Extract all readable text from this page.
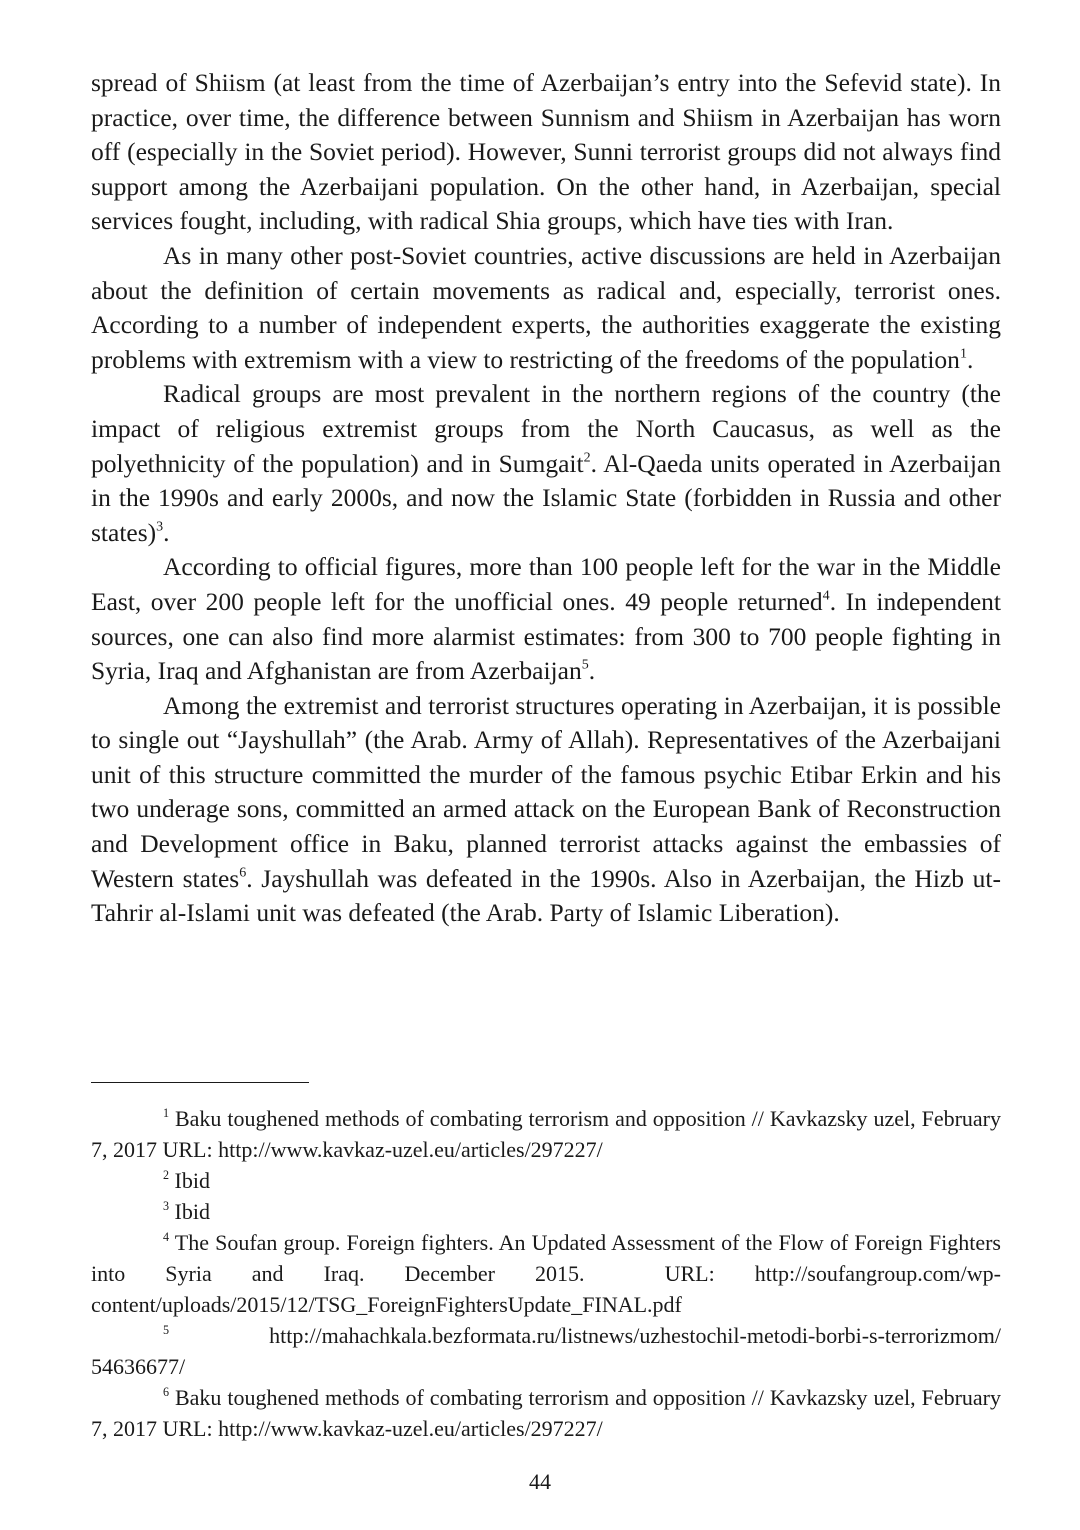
spread of Shiism (at least from the time of Azerbaijan’s entry into the Sefevid state). In practice, over time, the difference between Sunnism and Shiism in Azerbaijan has worn off (especially in the Soviet period). However, Sunni terrorist groups did not always find support among the Azerbaijani population. On the other hand, in Azerbaijan, special services fought, including, with radical Shia groups, which have ties with Iran.

As in many other post-Soviet countries, active discussions are held in Azerbaijan about the definition of certain movements as radical and, especially, terrorist ones. According to a number of independent experts, the authorities exaggerate the existing problems with extremism with a view to restricting of the freedoms of the population$^1$.

Radical groups are most prevalent in the northern regions of the country (the impact of religious extremist groups from the North Caucasus, as well as the polyethnicity of the population) and in Sumgait$^2$. Al-Qaeda units operated in Azerbaijan in the 1990s and early 2000s, and now the Islamic State (forbidden in Russia and other states)$^3$.

According to official figures, more than 100 people left for the war in the Middle East, over 200 people left for the unofficial ones. 49 people returned$^4$. In independent sources, one can also find more alarmist estimates: from 300 to 700 people fighting in Syria, Iraq and Afghanistan are from Azerbaijan$^5$.

Among the extremist and terrorist structures operating in Azerbaijan, it is possible to single out “Jayshullah” (the Arab. Army of Allah). Representatives of the Azerbaijani unit of this structure committed the murder of the famous psychic Etibar Erkin and his two underage sons, committed an armed attack on the European Bank of Reconstruction and Development office in Baku, planned terrorist attacks against the embassies of Western states$^6$. Jayshullah was defeated in the 1990s. Also in Azerbaijan, the Hizb ut-Tahrir al-Islami unit was defeated (the Arab. Party of Islamic Liberation).

$^1$ Baku toughened methods of combating terrorism and opposition // Kavkazsky uzel, February 7, 2017 URL: http://www.kavkaz-uzel.eu/articles/297227/

$^2$ Ibid

$^3$ Ibid

$^4$ The Soufan group. Foreign fighters. An Updated Assessment of the Flow of Foreign Fighters into Syria and Iraq. December 2015.  URL: http://soufangroup.com/wp-content/uploads/2015/12/TSG_ForeignFightersUpdate_FINAL.pdf

$^5$ http://mahachkala.bezformata.ru/listnews/uzhestochil-metodi-borbi-s-terrorizmom/ 54636677/

$^6$ Baku toughened methods of combating terrorism and opposition // Kavkazsky uzel, February 7, 2017 URL: http://www.kavkaz-uzel.eu/articles/297227/

44
